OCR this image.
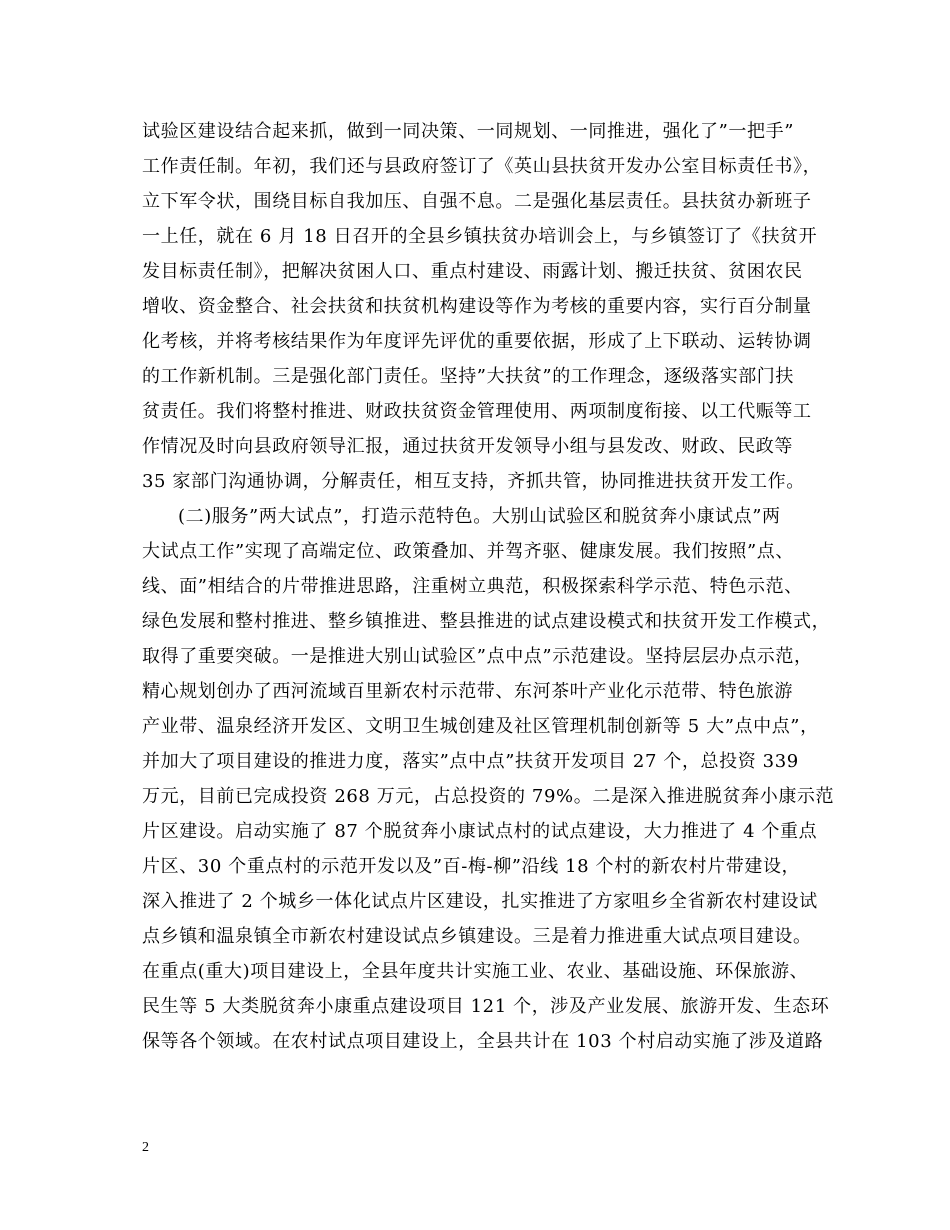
试验区建设结合起来抓，做到一同决策、一同规划、一同推进，强化了”一把手”
工作责任制。年初，我们还与县政府签订了《英山县扶贫开发办公室目标责任书》，
立下军令状，围绕目标自我加压、自强不息。二是强化基层责任。县扶贫办新班子
一上任，就在 6 月 18 日召开的全县乡镇扶贫办培训会上，与乡镇签订了《扶贫开
发目标责任制》，把解决贫困人口、重点村建设、雨露计划、搬迁扶贫、贫困农民
增收、资金整合、社会扶贫和扶贫机构建设等作为考核的重要内容，实行百分制量
化考核，并将考核结果作为年度评先评优的重要依据，形成了上下联动、运转协调
的工作新机制。三是强化部门责任。坚持”大扶贫”的工作理念，逐级落实部门扶
贫责任。我们将整村推进、财政扶贫资金管理使用、两项制度衔接、以工代赈等工
作情况及时向县政府领导汇报，通过扶贫开发领导小组与县发改、财政、民政等
35 家部门沟通协调，分解责任，相互支持，齐抓共管，协同推进扶贫开发工作。
(二)服务”两大试点”，打造示范特色。大别山试验区和脱贫奔小康试点”两
大试点工作”实现了高端定位、政策叠加、并驾齐驱、健康发展。我们按照”点、
线、面”相结合的片带推进思路，注重树立典范，积极探索科学示范、特色示范、
绿色发展和整村推进、整乡镇推进、整县推进的试点建设模式和扶贫开发工作模式，
取得了重要突破。一是推进大别山试验区”点中点”示范建设。坚持层层办点示范，
精心规划创办了西河流域百里新农村示范带、东河茶叶产业化示范带、特色旅游
产业带、温泉经济开发区、文明卫生城创建及社区管理机制创新等 5 大”点中点”，
并加大了项目建设的推进力度，落实”点中点”扶贫开发项目 27 个，总投资 339
万元，目前已完成投资 268 万元，占总投资的 79%。二是深入推进脱贫奔小康示范
片区建设。启动实施了 87 个脱贫奔小康试点村的试点建设，大力推进了 4 个重点
片区、30 个重点村的示范开发以及”百-梅-柳”沿线 18 个村的新农村片带建设，
深入推进了 2 个城乡一体化试点片区建设，扎实推进了方家咀乡全省新农村建设试
点乡镇和温泉镇全市新农村建设试点乡镇建设。三是着力推进重大试点项目建设。
在重点(重大)项目建设上，全县年度共计实施工业、农业、基础设施、环保旅游、
民生等 5 大类脱贫奔小康重点建设项目 121 个，涉及产业发展、旅游开发、生态环
保等各个领域。在农村试点项目建设上，全县共计在 103 个村启动实施了涉及道路
2
